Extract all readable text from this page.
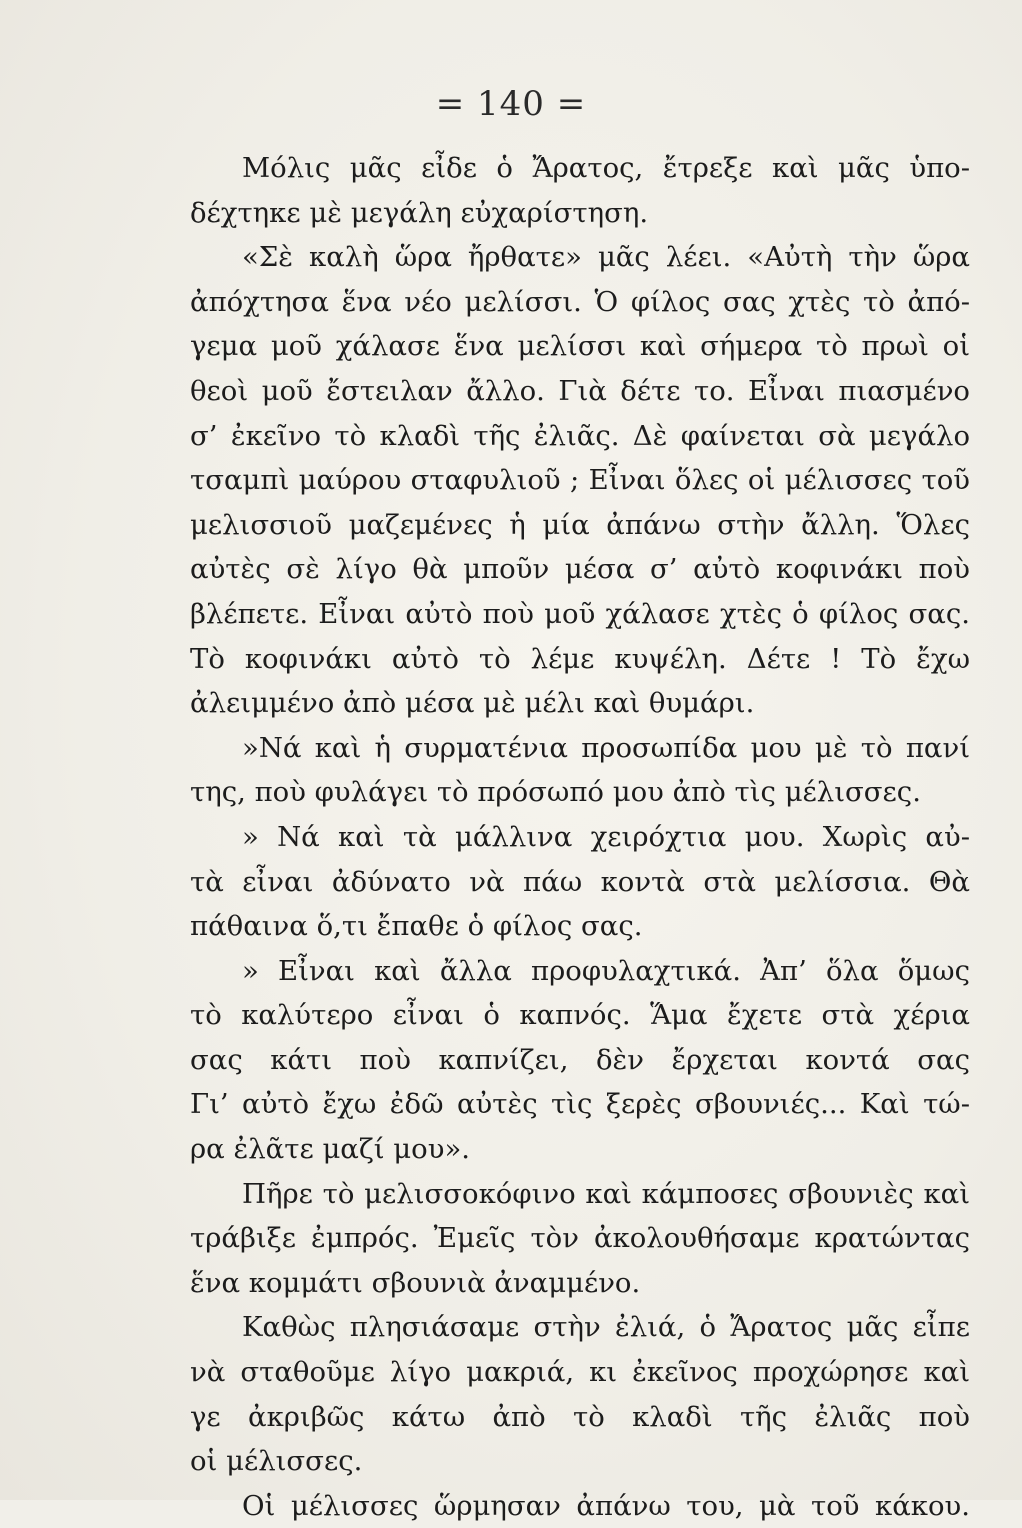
= 140 =
Μόλις μᾶς εἶδε ὁ Ἄρατος, ἔτρεξε καὶ μᾶς ὑπο-
δέχτηκε μὲ μεγάλη εὐχαρίστηση.
«Σὲ καλὴ ὥρα ἤρθατε» μᾶς λέει. «Αὐτὴ τὴν ὥρα
ἀπόχτησα ἕνα νέο μελίσσι. Ὁ φίλος σας χτὲς τὸ ἀπό-
γεμα μοῦ χάλασε ἕνα μελίσσι καὶ σήμερα τὸ πρωὶ οἱ
θεοὶ μοῦ ἔστειλαν ἄλλο. Γιὰ δέτε το. Εἶναι πιασμένο
σ’ ἐκεῖνο τὸ κλαδὶ τῆς ἐλιᾶς. Δὲ φαίνεται σὰ μεγάλο
τσαμπὶ μαύρου σταφυλιοῦ ; Εἶναι ὅλες οἱ μέλισσες τοῦ
μελισσιοῦ μαζεμένες ἡ μία ἀπάνω στὴν ἄλλη. Ὅλες
αὐτὲς σὲ λίγο θὰ μποῦν μέσα σ’ αὐτὸ κοφινάκι ποὺ
βλέπετε. Εἶναι αὐτὸ ποὺ μοῦ χάλασε χτὲς ὁ φίλος σας.
Τὸ κοφινάκι αὐτὸ τὸ λέμε κυψέλη. Δέτε ! Τὸ ἔχω
ἀλειμμένο ἀπὸ μέσα μὲ μέλι καὶ θυμάρι.
»Νά καὶ ἡ συρματένια προσωπίδα μου μὲ τὸ πανί
της, ποὺ φυλάγει τὸ πρόσωπό μου ἀπὸ τὶς μέλισσες.
» Νά καὶ τὰ μάλλινα χειρόχτια μου. Χωρὶς αὐ-
τὰ εἶναι ἀδύνατο νὰ πάω κοντὰ στὰ μελίσσια. Θὰ
πάθαινα ὅ,τι ἔπαθε ὁ φίλος σας.
» Εἶναι καὶ ἄλλα προφυλαχτικά. Ἀπ’ ὅλα ὅμως
τὸ καλύτερο εἶναι ὁ καπνός. Ἅμα ἔχετε στὰ χέρια
σας κάτι ποὺ καπνίζει, δὲν ἔρχεται κοντά σας
Γι’ αὐτὸ ἔχω ἐδῶ αὐτὲς τὶς ξερὲς σβουνιές... Καὶ τώ-
ρα ἐλᾶτε μαζί μου».
Πῆρε τὸ μελισσοκόφινο καὶ κάμποσες σβουνιὲς καὶ
τράβιξε ἐμπρός. Ἐμεῖς τὸν ἀκολουθήσαμε κρατώντας
ἕνα κομμάτι σβουνιὰ ἀναμμένο.
Καθὼς πλησιάσαμε στὴν ἐλιά, ὁ Ἄρατος μᾶς εἶπε
νὰ σταθοῦμε λίγο μακριά, κι ἐκεῖνος προχώρησε καὶ
γε ἀκριβῶς κάτω ἀπὸ τὸ κλαδὶ τῆς ἐλιᾶς ποὺ
οἱ μέλισσες.
Οἱ μέλισσες ὥρμησαν ἀπάνω του, μὰ τοῦ κάκου.
